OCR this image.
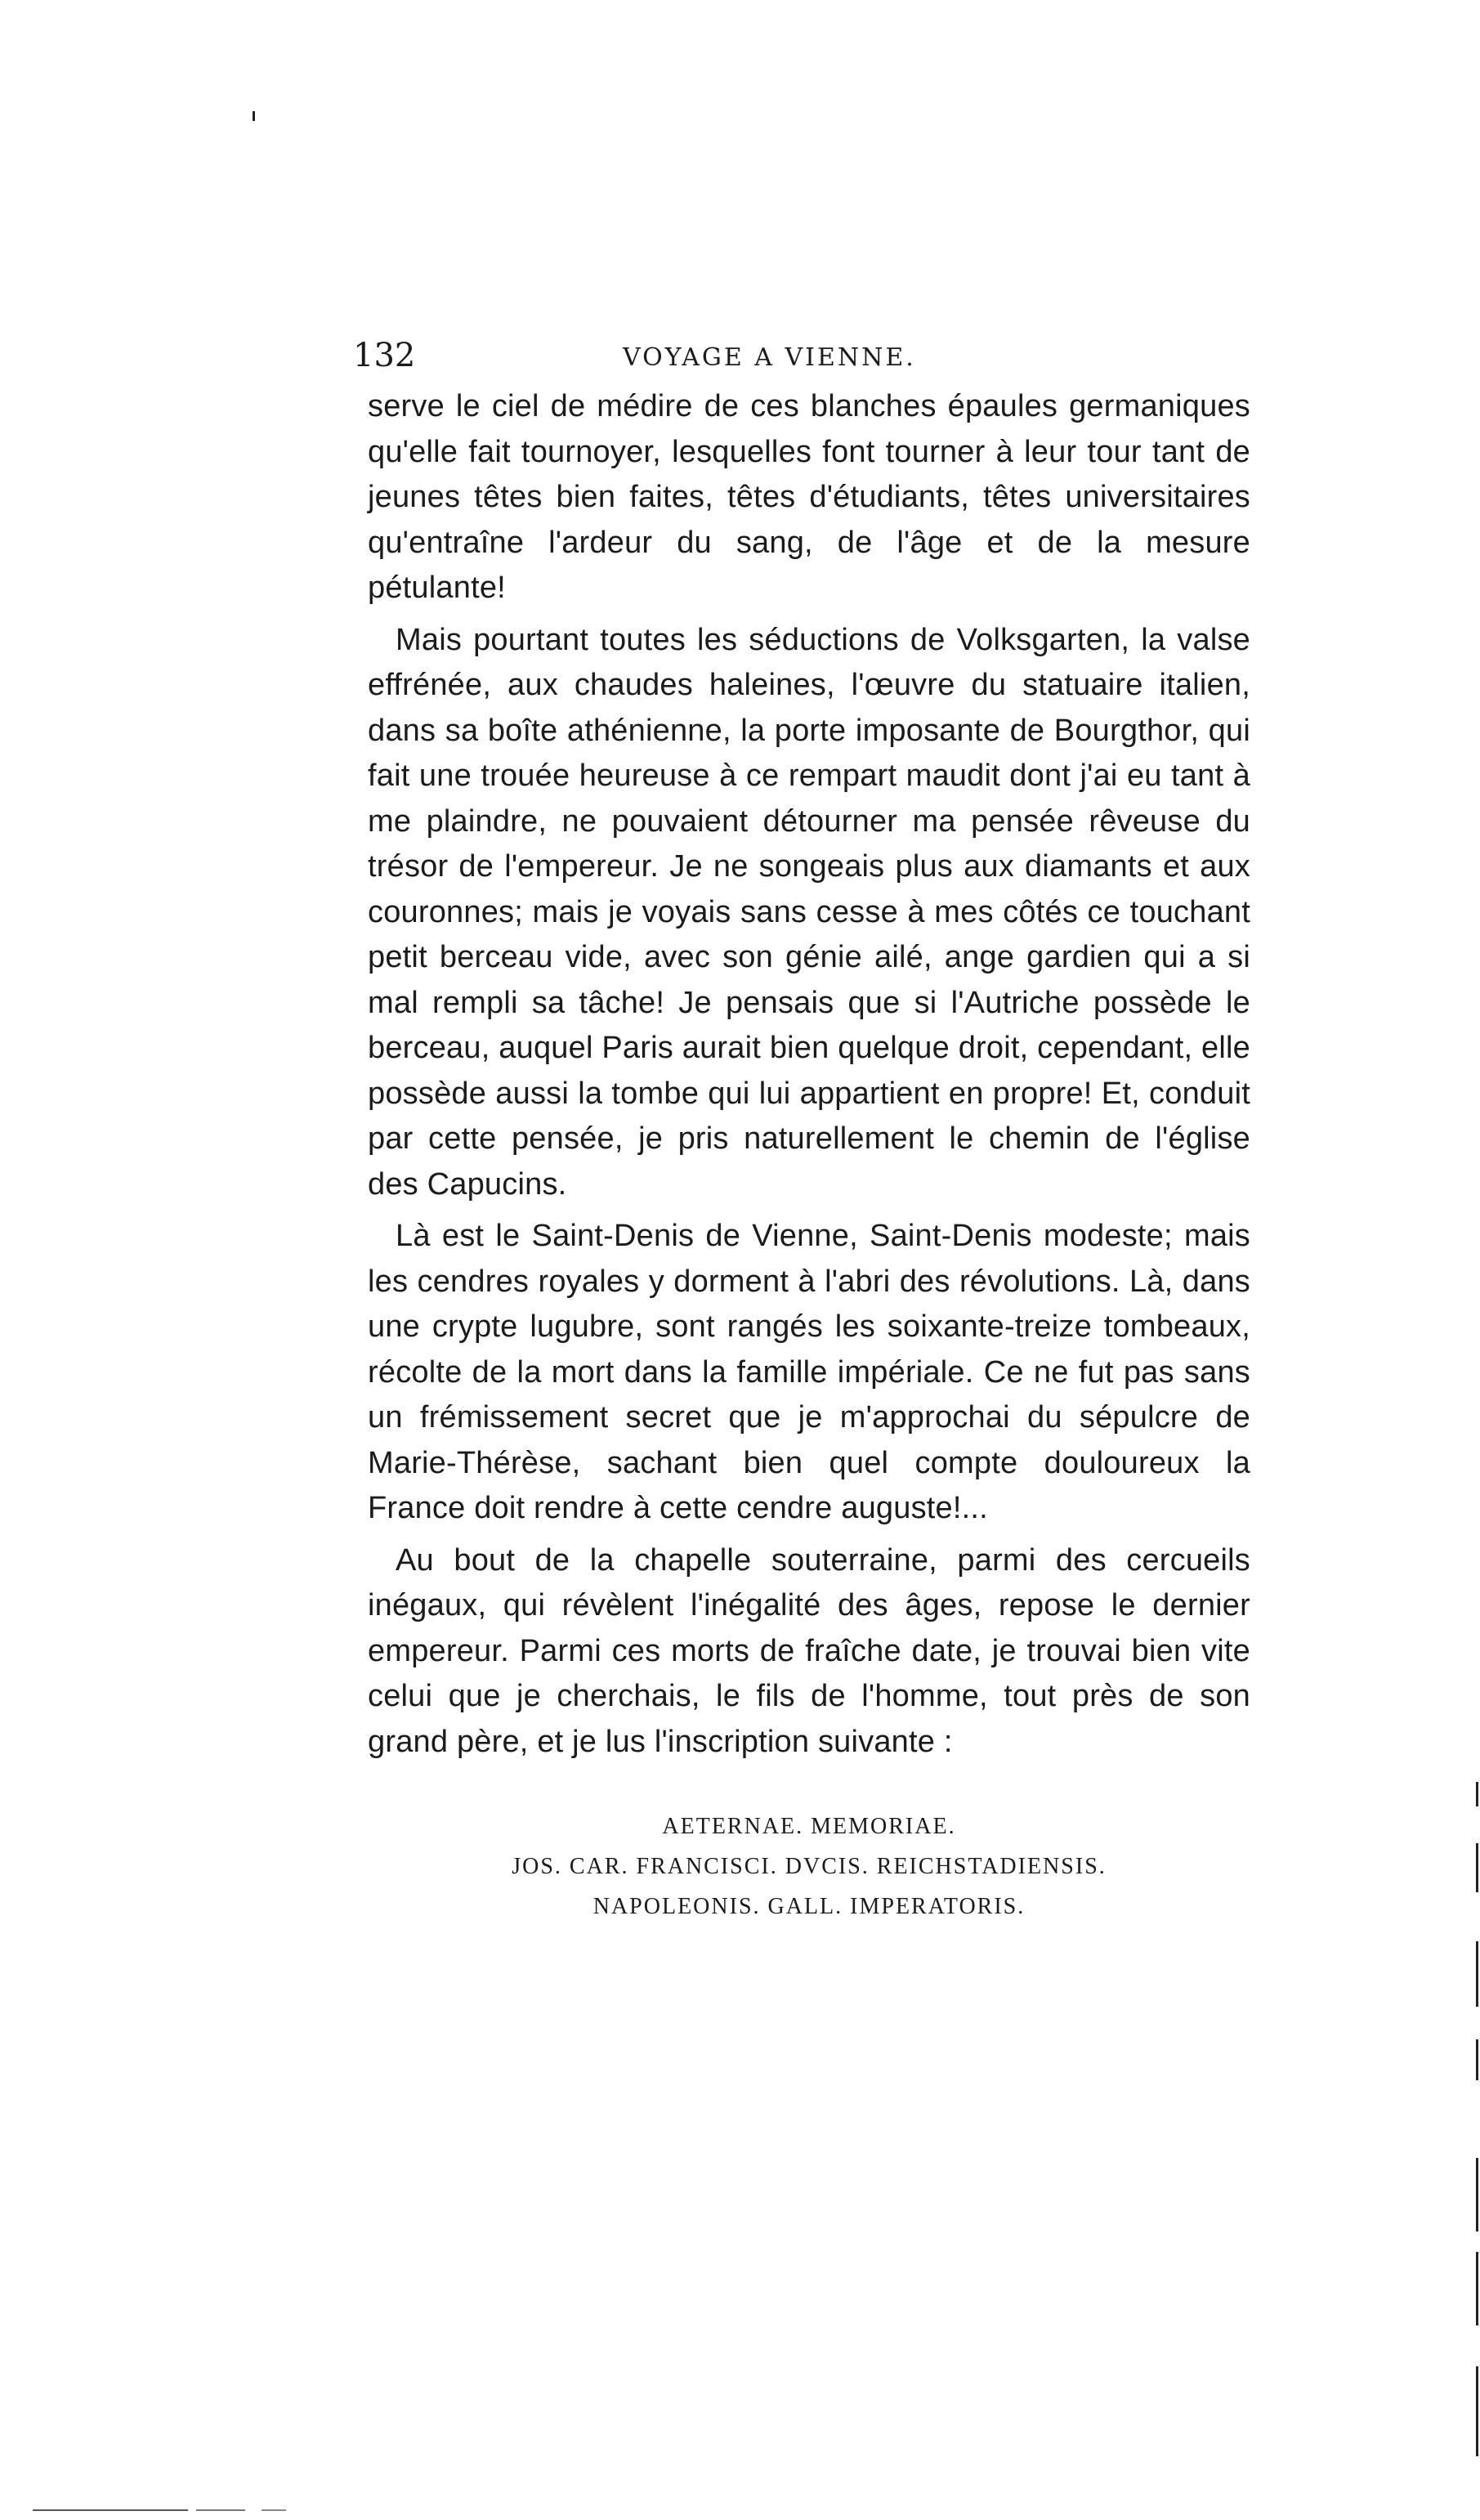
132	VOYAGE A VIENNE.

serve le ciel de médire de ces blanches épaules germaniques qu'elle fait tournoyer, lesquelles font tourner à leur tour tant de jeunes têtes bien faites, têtes d'étudiants, têtes universitaires qu'entraîne l'ardeur du sang, de l'âge et de la mesure pétulante!

Mais pourtant toutes les séductions de Volksgarten, la valse effrénée, aux chaudes haleines, l'œuvre du statuaire italien, dans sa boîte athénienne, la porte imposante de Bourgthor, qui fait une trouée heureuse à ce rempart maudit dont j'ai eu tant à me plaindre, ne pouvaient détourner ma pensée rêveuse du trésor de l'empereur. Je ne songeais plus aux diamants et aux couronnes; mais je voyais sans cesse à mes côtés ce touchant petit berceau vide, avec son génie ailé, ange gardien qui a si mal rempli sa tâche! Je pensais que si l'Autriche possède le berceau, auquel Paris aurait bien quelque droit, cependant, elle possède aussi la tombe qui lui appartient en propre! Et, conduit par cette pensée, je pris naturellement le chemin de l'église des Capucins.

Là est le Saint-Denis de Vienne, Saint-Denis modeste; mais les cendres royales y dorment à l'abri des révolutions. Là, dans une crypte lugubre, sont rangés les soixante-treize tombeaux, récolte de la mort dans la famille impériale. Ce ne fut pas sans un frémissement secret que je m'approchai du sépulcre de Marie-Thérèse, sachant bien quel compte douloureux la France doit rendre à cette cendre auguste!...

Au bout de la chapelle souterraine, parmi des cercueils inégaux, qui révèlent l'inégalité des âges, repose le dernier empereur. Parmi ces morts de fraîche date, je trouvai bien vite celui que je cherchais, le fils de l'homme, tout près de son grand père, et je lus l'inscription suivante :

AETERNAE. MEMORIAE.

JOS. CAR. FRANCISCI. DVCIS. REICHSTADIENSIS.

NAPOLEONIS. GALL. IMPERATORIS.
